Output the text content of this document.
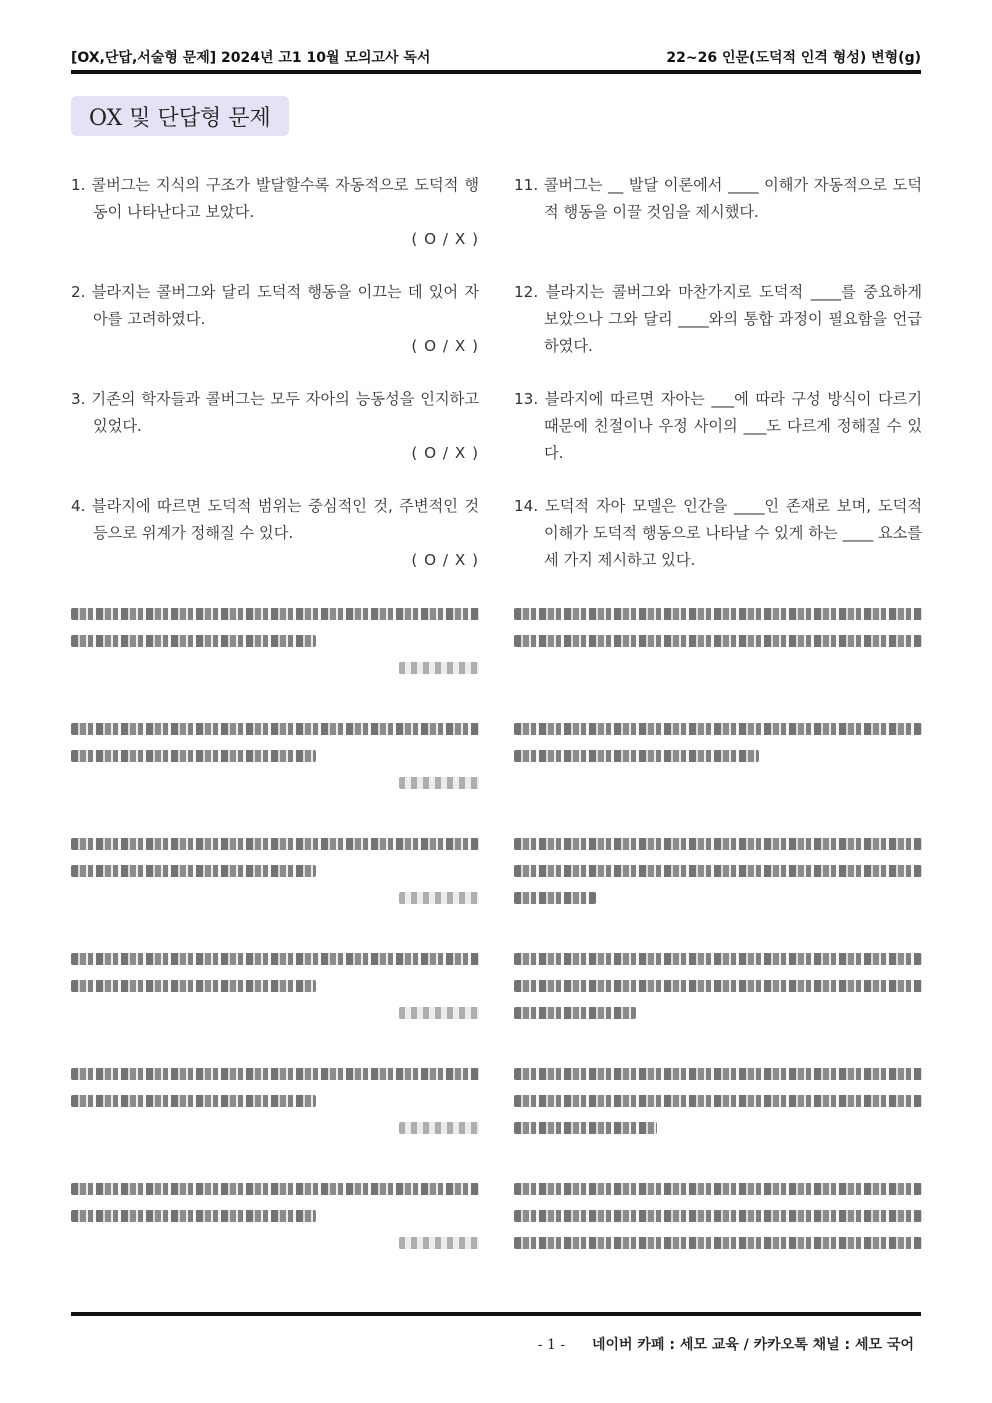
[OX,단답,서술형 문제] 2024년 고1 10월 모의고사 독서	22~26 인문(도덕적 인격 형성) 변형(g)
OX 및 단답형 문제
1. 콜버그는 지식의 구조가 발달할수록 자동적으로 도덕적 행동이 나타난다고 보았다.
( O / X )
2. 블라지는 콜버그와 달리 도덕적 행동을 이끄는 데 있어 자아를 고려하였다.
( O / X )
3. 기존의 학자들과 콜버그는 모두 자아의 능동성을 인지하고 있었다.
( O / X )
4. 블라지에 따르면 도덕적 범위는 중심적인 것, 주변적인 것 등으로 위계가 정해질 수 있다.
( O / X )
11. 콜버그는 __ 발달 이론에서 ____ 이해가 자동적으로 도덕적 행동을 이끌 것임을 제시했다.
12. 블라지는 콜버그와 마찬가지로 도덕적 ____를 중요하게 보았으나 그와 달리 ____와의 통합 과정이 필요함을 언급하였다.
13. 블라지에 따르면 자아는 ___에 따라 구성 방식이 다르기 때문에 친절이나 우정 사이의 ___도 다르게 정해질 수 있다.
14. 도덕적 자아 모델은 인간을 ____인 존재로 보며, 도덕적 이해가 도덕적 행동으로 나타날 수 있게 하는 ____ 요소를 세 가지 제시하고 있다.
- 1 - 네이버 카페 : 세모 교육 / 카카오톡 채널 : 세모 국어
